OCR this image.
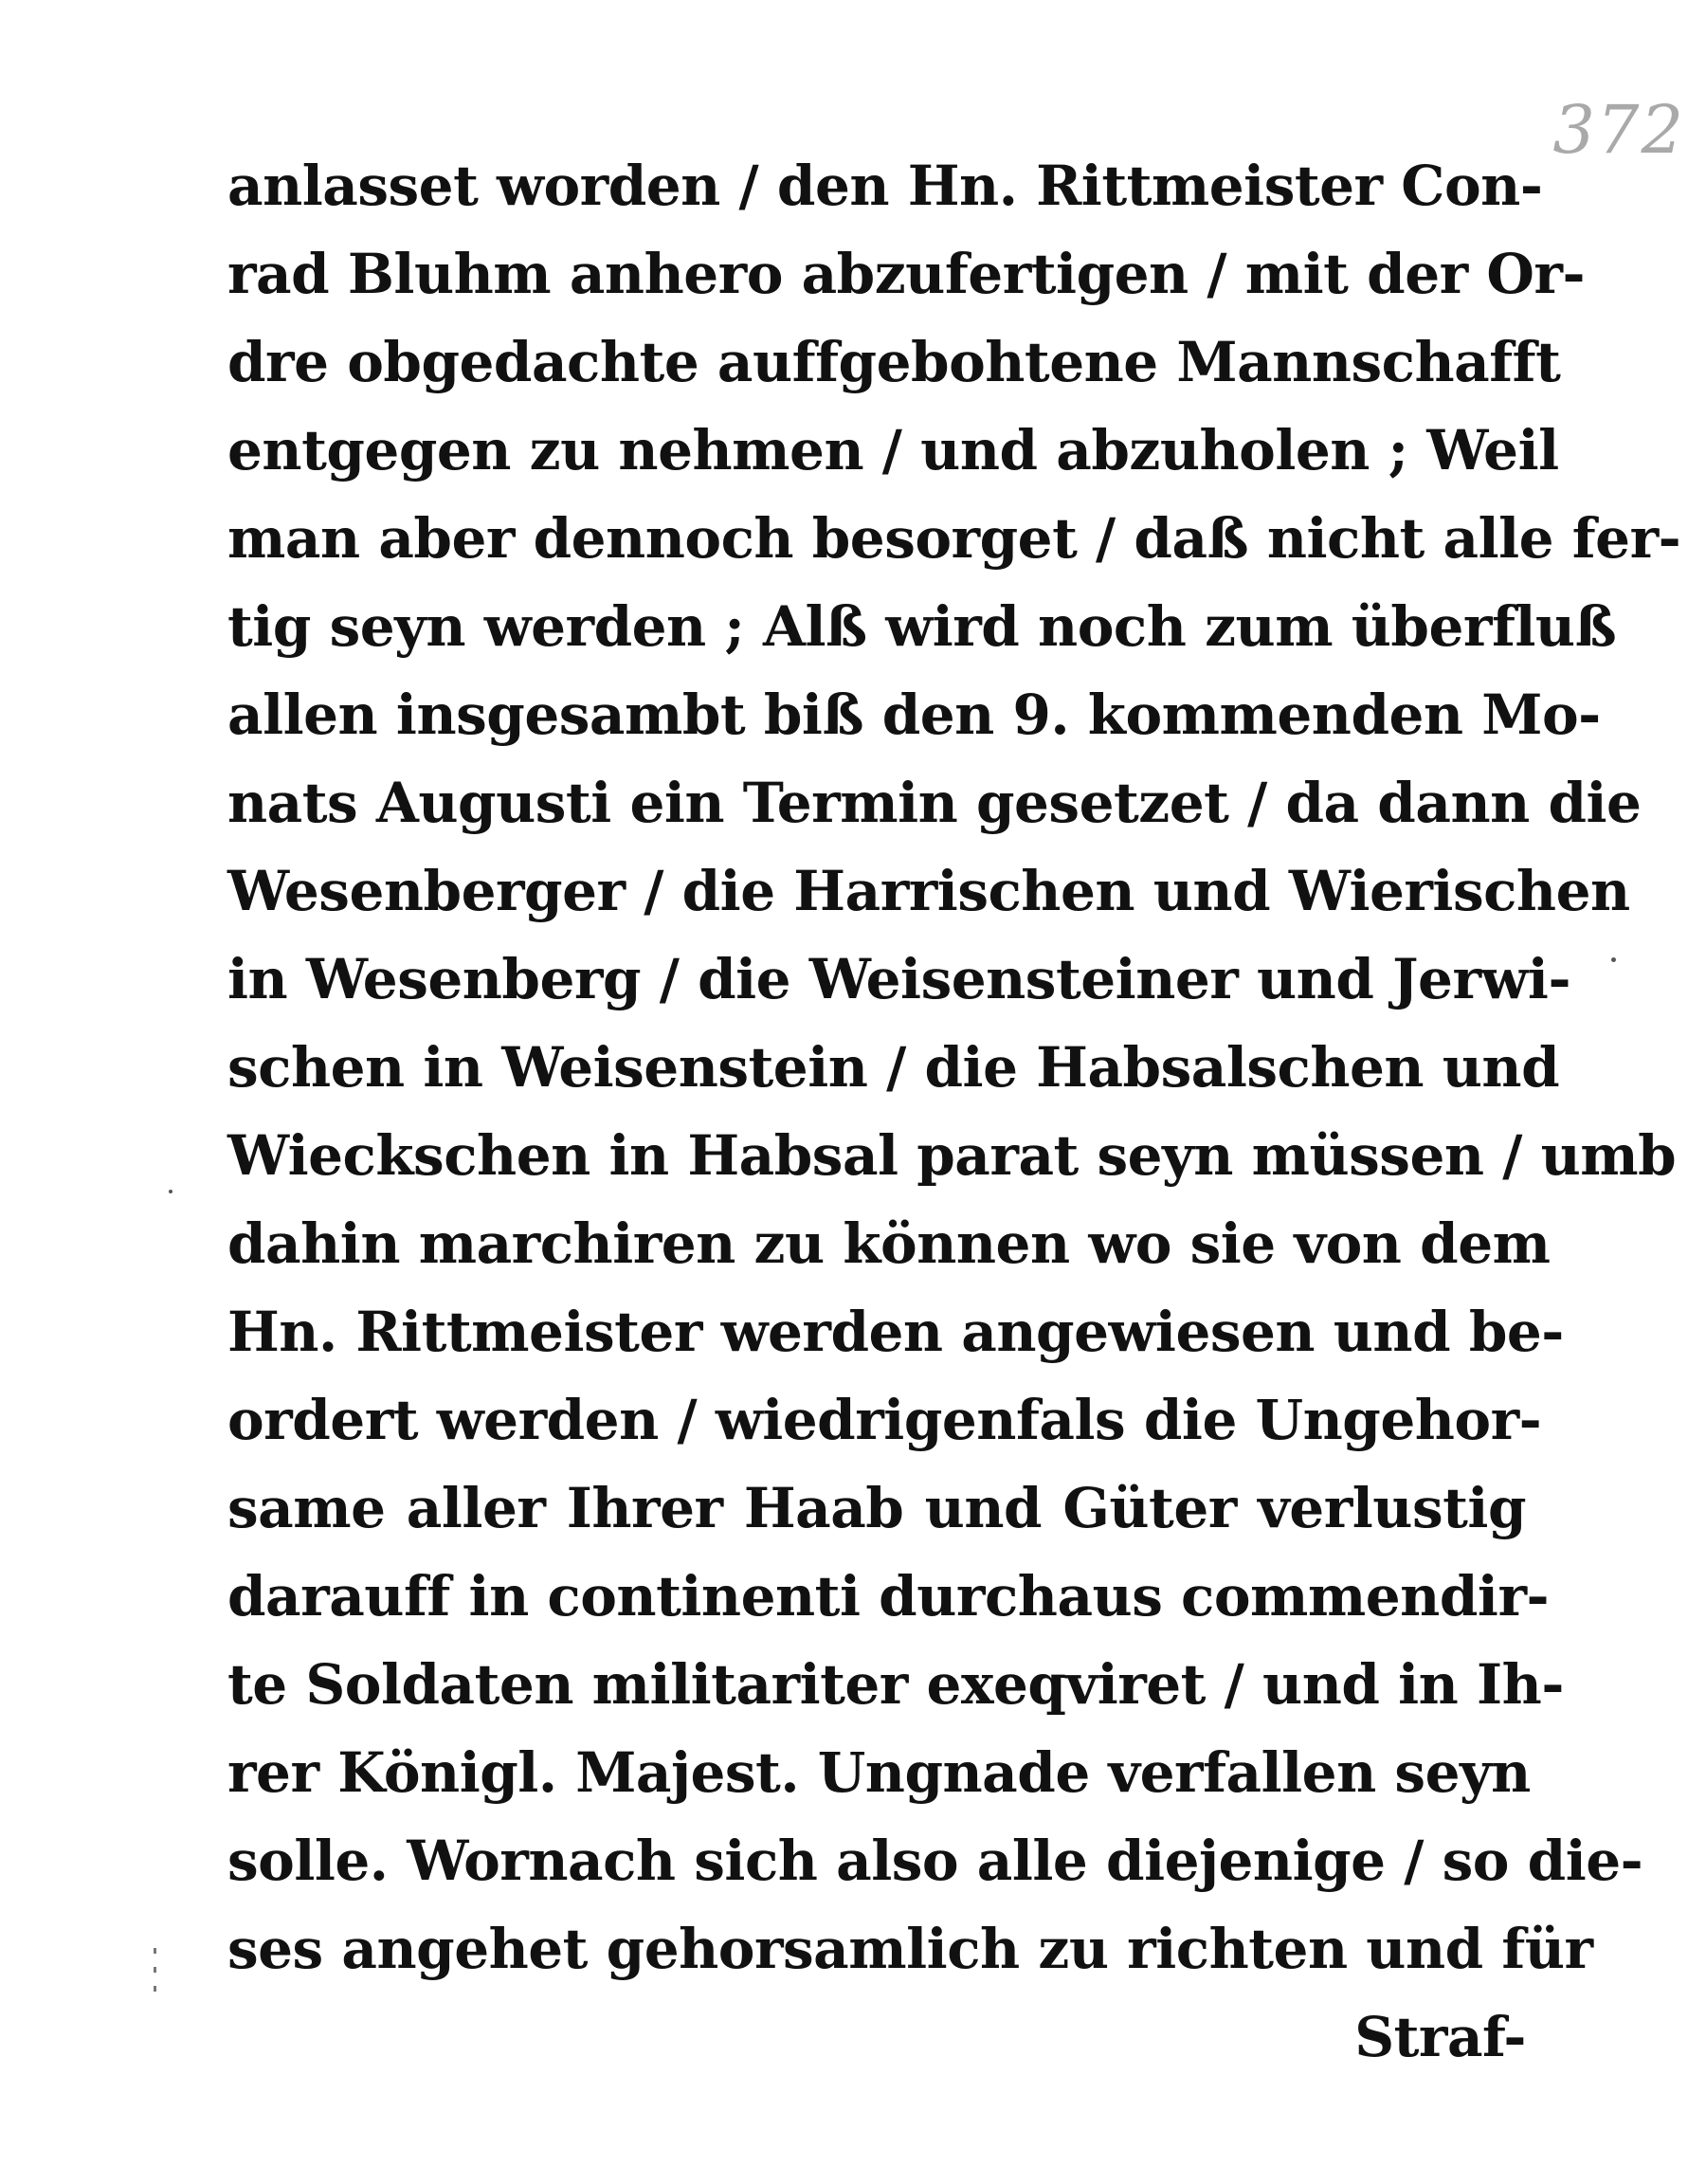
372
anlasset worden / den Hn. Rittmeister Con-
rad Bluhm anhero abzufertigen / mit der Or-
dre obgedachte auffgebohtene Mannschafft
entgegen zu nehmen / und abzuholen ; Weil
man aber dennoch besorget / daß nicht alle fer-
tig seyn werden ; Alß wird noch zum überfluß
allen insgesambt biß den 9. kommenden Mo-
nats Augusti ein Termin gesetzet / da dann die
Wesenberger / die Harrischen und Wierischen
in Wesenberg / die Weisensteiner und Jerwi-
schen in Weisenstein / die Habsalschen und
Wieckschen in Habsal parat seyn müssen / umb
dahin marchiren zu können wo sie von dem
Hn. Rittmeister werden angewiesen und be-
ordert werden / wiedrigenfals die Ungehor-
same aller Ihrer Haab und Güter verlustig
darauff in continenti durchaus commendir-
te Soldaten militariter exeqviret / und in Ih-
rer Königl. Majest. Ungnade verfallen seyn
solle. Wornach sich also alle diejenige / so die-
ses angehet gehorsamlich zu richten und für
Straf-
